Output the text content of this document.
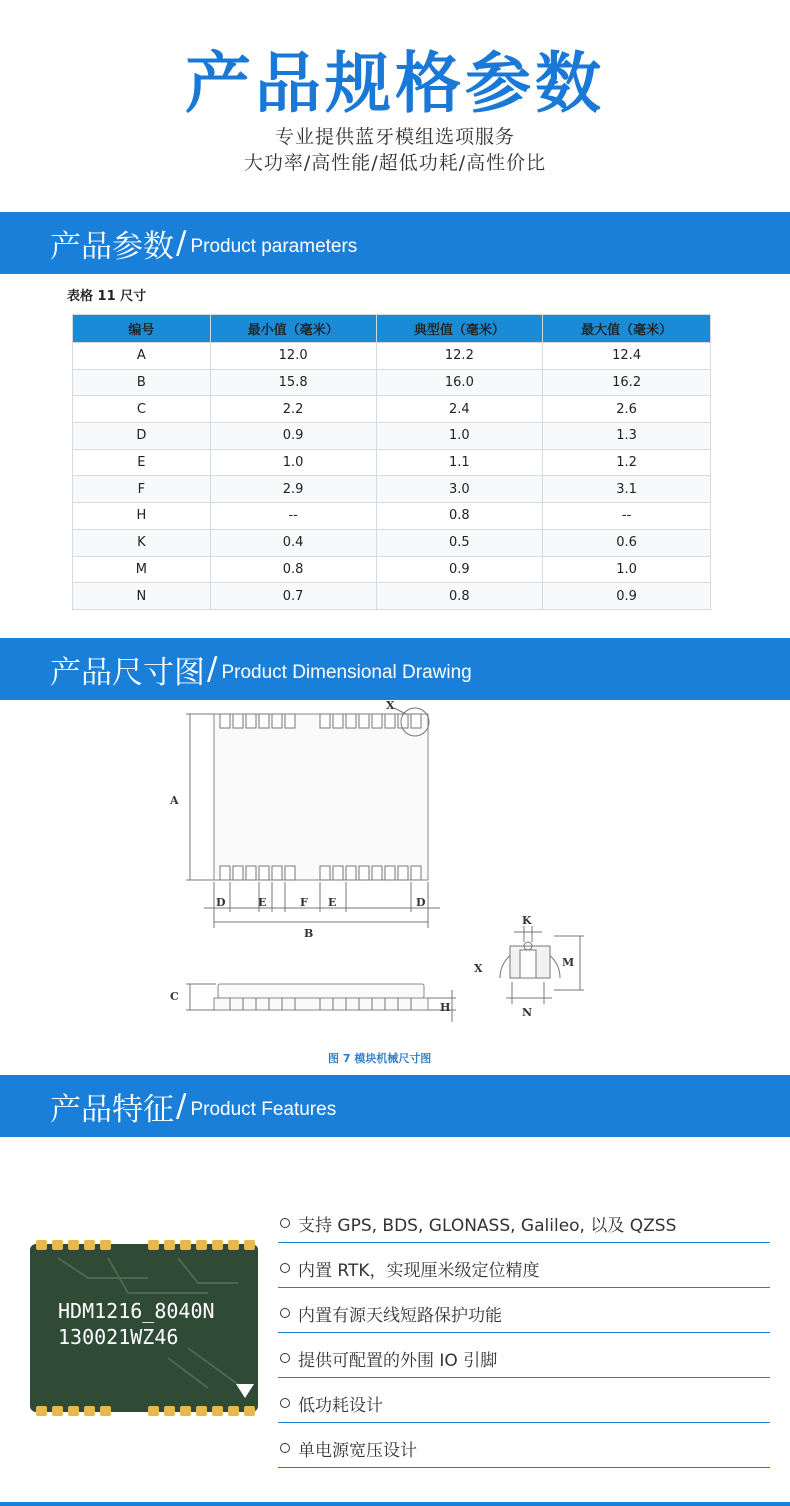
产品规格参数
专业提供蓝牙模组选项服务
大功率/高性能/超低功耗/高性价比
产品参数 / Product parameters
表格 11 尺寸
编号	最小值（毫米）	典型值（毫米）	最大值（毫米）
A	12.0	12.2	12.4
B	15.8	16.0	16.2
C	2.2	2.4	2.6
D	0.9	1.0	1.3
E	1.0	1.1	1.2
F	2.9	3.0	3.1
H	--	0.8	--
K	0.4	0.5	0.6
M	0.8	0.9	1.0
N	0.7	0.8	0.9
产品尺寸图 / Product Dimensional Drawing
A
X
D	E	F E	D
B
C
H
X
K
M
N
图 7 模块机械尺寸图
产品特征 / Product Features
HDM1216_8040N
130021WZ46
支持 GPS, BDS, GLONASS, Galileo, 以及 QZSS
内置 RTK，实现厘米级定位精度
内置有源天线短路保护功能
提供可配置的外围 IO 引脚
低功耗设计
单电源宽压设计
